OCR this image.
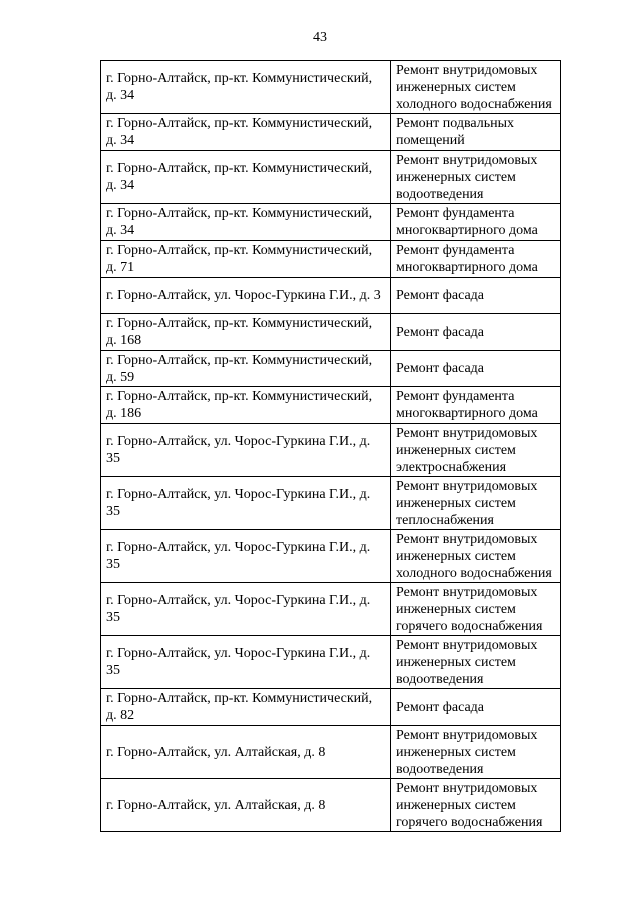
43
г. Горно-Алтайск, пр-кт. Коммунистический, д. 34	Ремонт внутридомовых инженерных систем холодного водоснабжения
г. Горно-Алтайск, пр-кт. Коммунистический, д. 34	Ремонт подвальных помещений
г. Горно-Алтайск, пр-кт. Коммунистический, д. 34	Ремонт внутридомовых инженерных систем водоотведения
г. Горно-Алтайск, пр-кт. Коммунистический, д. 34	Ремонт фундамента многоквартирного дома
г. Горно-Алтайск, пр-кт. Коммунистический, д. 71	Ремонт фундамента многоквартирного дома
г. Горно-Алтайск, ул. Чорос-Гуркина Г.И., д. 3	Ремонт фасада
г. Горно-Алтайск, пр-кт. Коммунистический, д. 168	Ремонт фасада
г. Горно-Алтайск, пр-кт. Коммунистический, д. 59	Ремонт фасада
г. Горно-Алтайск, пр-кт. Коммунистический, д. 186	Ремонт фундамента многоквартирного дома
г. Горно-Алтайск, ул. Чорос-Гуркина Г.И., д. 35	Ремонт внутридомовых инженерных систем электроснабжения
г. Горно-Алтайск, ул. Чорос-Гуркина Г.И., д. 35	Ремонт внутридомовых инженерных систем теплоснабжения
г. Горно-Алтайск, ул. Чорос-Гуркина Г.И., д. 35	Ремонт внутридомовых инженерных систем холодного водоснабжения
г. Горно-Алтайск, ул. Чорос-Гуркина Г.И., д. 35	Ремонт внутридомовых инженерных систем горячего водоснабжения
г. Горно-Алтайск, ул. Чорос-Гуркина Г.И., д. 35	Ремонт внутридомовых инженерных систем водоотведения
г. Горно-Алтайск, пр-кт. Коммунистический, д. 82	Ремонт фасада
г. Горно-Алтайск, ул. Алтайская, д. 8	Ремонт внутридомовых инженерных систем водоотведения
г. Горно-Алтайск, ул. Алтайская, д. 8	Ремонт внутридомовых инженерных систем горячего водоснабжения
